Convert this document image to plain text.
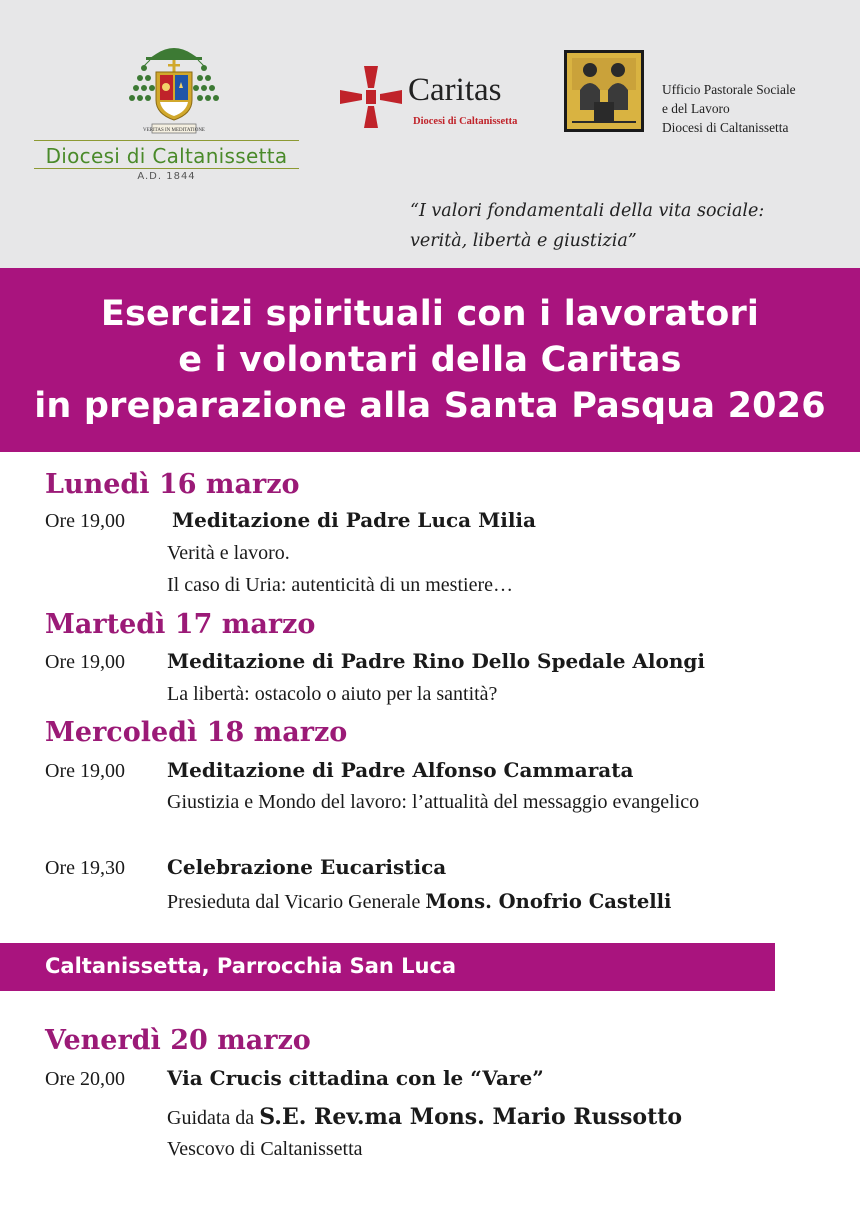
VERITAS IN MEDITATIONE
Diocesi di Caltanissetta
A.D. 1844
Caritas
Diocesi di Caltanissetta
Ufficio Pastorale Sociale
e del Lavoro
Diocesi di Caltanissetta
“I valori fondamentali della vita sociale:
verità, libertà e giustizia”
Esercizi spirituali con i lavoratori
e i volontari della Caritas
in preparazione alla Santa Pasqua 2026
Lunedì 16 marzo
Ore 19,00 Meditazione di Padre Luca Milia
Verità e lavoro.
Il caso di Uria: autenticità di un mestiere…
Martedì 17 marzo
Ore 19,00 Meditazione di Padre Rino Dello Spedale Alongi
La libertà: ostacolo o aiuto per la santità?
Mercoledì 18 marzo
Ore 19,00 Meditazione di Padre Alfonso Cammarata
Giustizia e Mondo del lavoro: l’attualità del messaggio evangelico
Ore 19,30 Celebrazione Eucaristica
Presieduta dal Vicario Generale Mons. Onofrio Castelli
Caltanissetta, Parrocchia San Luca
Venerdì 20 marzo
Ore 20,00 Via Crucis cittadina con le “Vare”
Guidata da S.E. Rev.ma Mons. Mario Russotto
Vescovo di Caltanissetta
